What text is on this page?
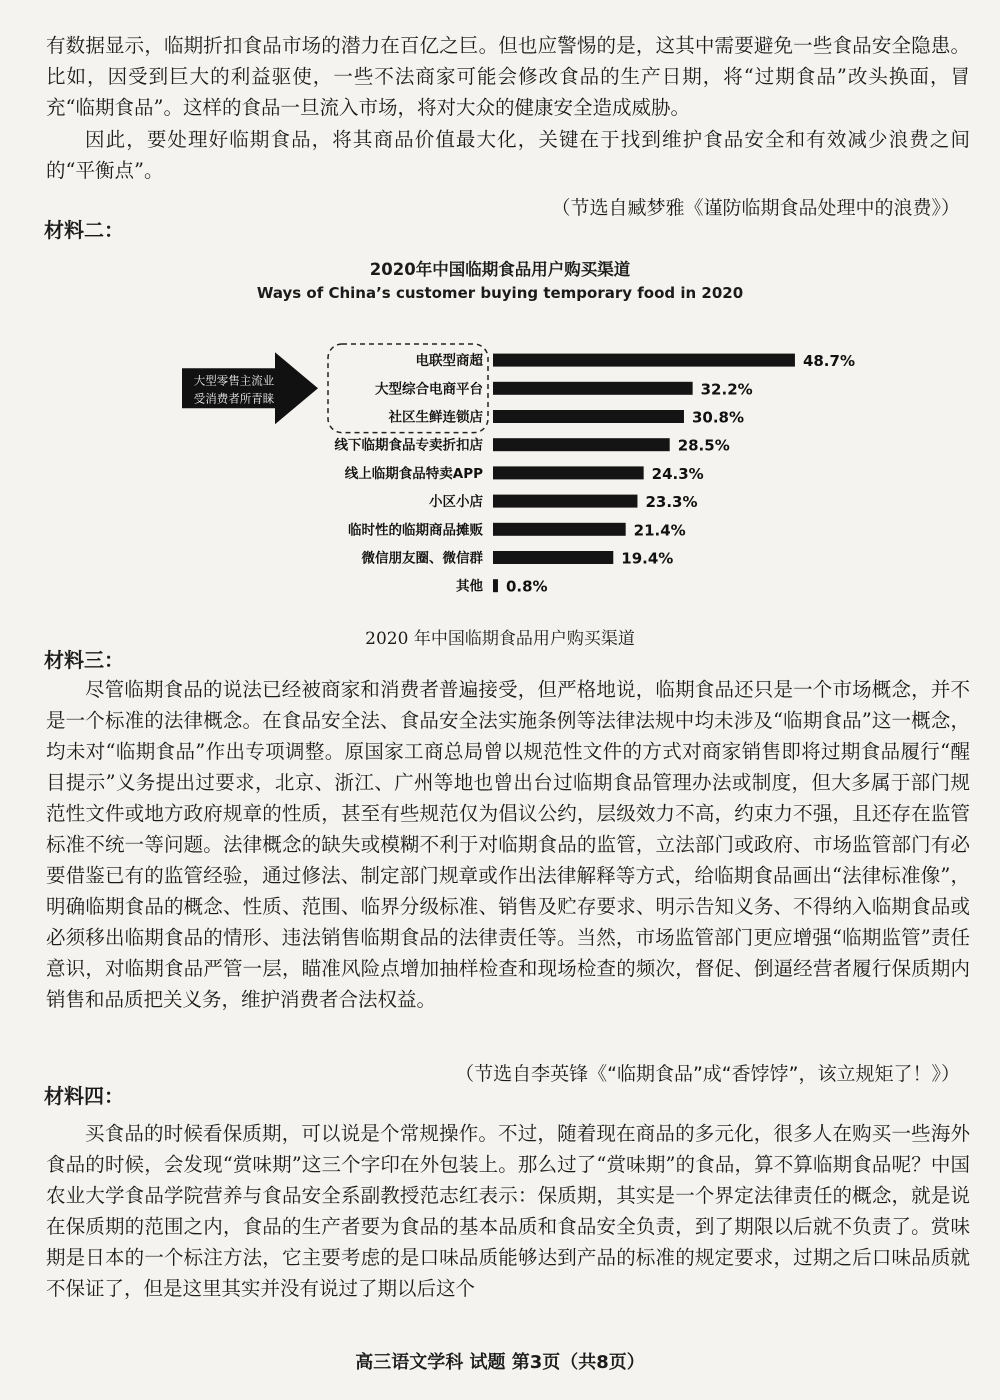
有数据显示，临期折扣食品市场的潜力在百亿之巨。但也应警惕的是，这其中需要避免一些食品安全隐患。比如，因受到巨大的利益驱使，一些不法商家可能会修改食品的生产日期，将“过期食品”改头换面，冒充“临期食品”。这样的食品一旦流入市场，将对大众的健康安全造成威胁。

因此，要处理好临期食品，将其商品价值最大化，关键在于找到维护食品安全和有效减少浪费之间的“平衡点”。

（节选自臧梦雅《谨防临期食品处理中的浪费》）

材料二：

2020年中国临期食品用户购买渠道

Ways of China’s customer buying temporary food in 2020

电联型商超	48.7%
大型综合电商平台	32.2%
社区生鲜连锁店	30.8%
线下临期食品专卖折扣店	28.5%
线上临期食品特卖APP	24.3%
小区小店	23.3%
临时性的临期商品摊贩	21.4%
微信朋友圈、微信群	19.4%
其他 0.8%
大型零售主流业
受消费者所青睐

2020 年中国临期食品用户购买渠道

材料三：

尽管临期食品的说法已经被商家和消费者普遍接受，但严格地说，临期食品还只是一个市场概念，并不是一个标准的法律概念。在食品安全法、食品安全法实施条例等法律法规中均未涉及“临期食品”这一概念，均未对“临期食品”作出专项调整。原国家工商总局曾以规范性文件的方式对商家销售即将过期食品履行“醒目提示”义务提出过要求，北京、浙江、广州等地也曾出台过临期食品管理办法或制度，但大多属于部门规范性文件或地方政府规章的性质，甚至有些规范仅为倡议公约，层级效力不高，约束力不强，且还存在监管标准不统一等问题。法律概念的缺失或模糊不利于对临期食品的监管，立法部门或政府、市场监管部门有必要借鉴已有的监管经验，通过修法、制定部门规章或作出法律解释等方式，给临期食品画出“法律标准像”，明确临期食品的概念、性质、范围、临界分级标准、销售及贮存要求、明示告知义务、不得纳入临期食品或必须移出临期食品的情形、违法销售临期食品的法律责任等。当然，市场监管部门更应增强“临期监管”责任意识，对临期食品严管一层，瞄准风险点增加抽样检查和现场检查的频次，督促、倒逼经营者履行保质期内销售和品质把关义务，维护消费者合法权益。

（节选自李英锋《“临期食品”成“香饽饽”，该立规矩了！》）

材料四：

买食品的时候看保质期，可以说是个常规操作。不过，随着现在商品的多元化，很多人在购买一些海外食品的时候，会发现“赏味期”这三个字印在外包装上。那么过了“赏味期”的食品，算不算临期食品呢？中国农业大学食品学院营养与食品安全系副教授范志红表示：保质期，其实是一个界定法律责任的概念，就是说在保质期的范围之内，食品的生产者要为食品的基本品质和食品安全负责，到了期限以后就不负责了。赏味期是日本的一个标注方法，它主要考虑的是口味品质能够达到产品的标准的规定要求，过期之后口味品质就不保证了，但是这里其实并没有说过了期以后这个

高三语文学科 试题 第3页（共8页）
